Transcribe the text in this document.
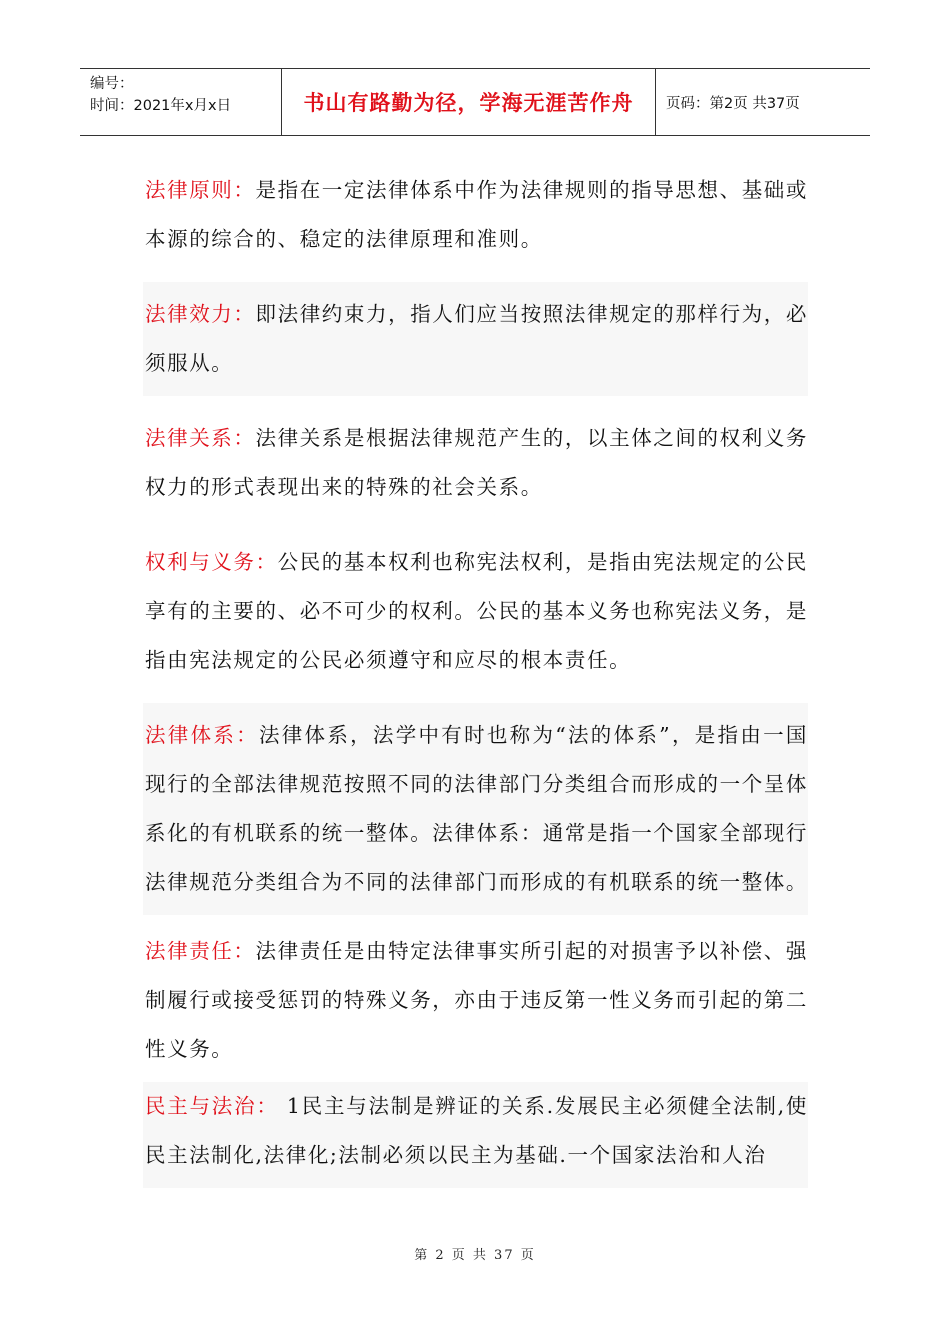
编号：
时间：2021年x月x日	书山有路勤为径，学海无涯苦作舟 页码：第2页 共37页
法律原则：是指在一定法律体系中作为法律规则的指导思想、基础或本源的综合的、稳定的法律原理和准则。
法律效力：即法律约束力，指人们应当按照法律规定的那样行为，必须服从。
法律关系：法律关系是根据法律规范产生的，以主体之间的权利义务权力的形式表现出来的特殊的社会关系。
权利与义务：公民的基本权利也称宪法权利，是指由宪法规定的公民享有的主要的、必不可少的权利。公民的基本义务也称宪法义务，是指由宪法规定的公民必须遵守和应尽的根本责任。
法律体系：法律体系，法学中有时也称为“法的体系”，是指由一国现行的全部法律规范按照不同的法律部门分类组合而形成的一个呈体系化的有机联系的统一整体。法律体系：通常是指一个国家全部现行法律规范分类组合为不同的法律部门而形成的有机联系的统一整体。
法律责任：法律责任是由特定法律事实所引起的对损害予以补偿、强制履行或接受惩罚的特殊义务，亦由于违反第一性义务而引起的第二性义务。
民主与法治： 1民主与法制是辨证的关系.发展民主必须健全法制,使民主法制化,法律化;法制必须以民主为基础.一个国家法治和人治
第 2 页 共 37 页
